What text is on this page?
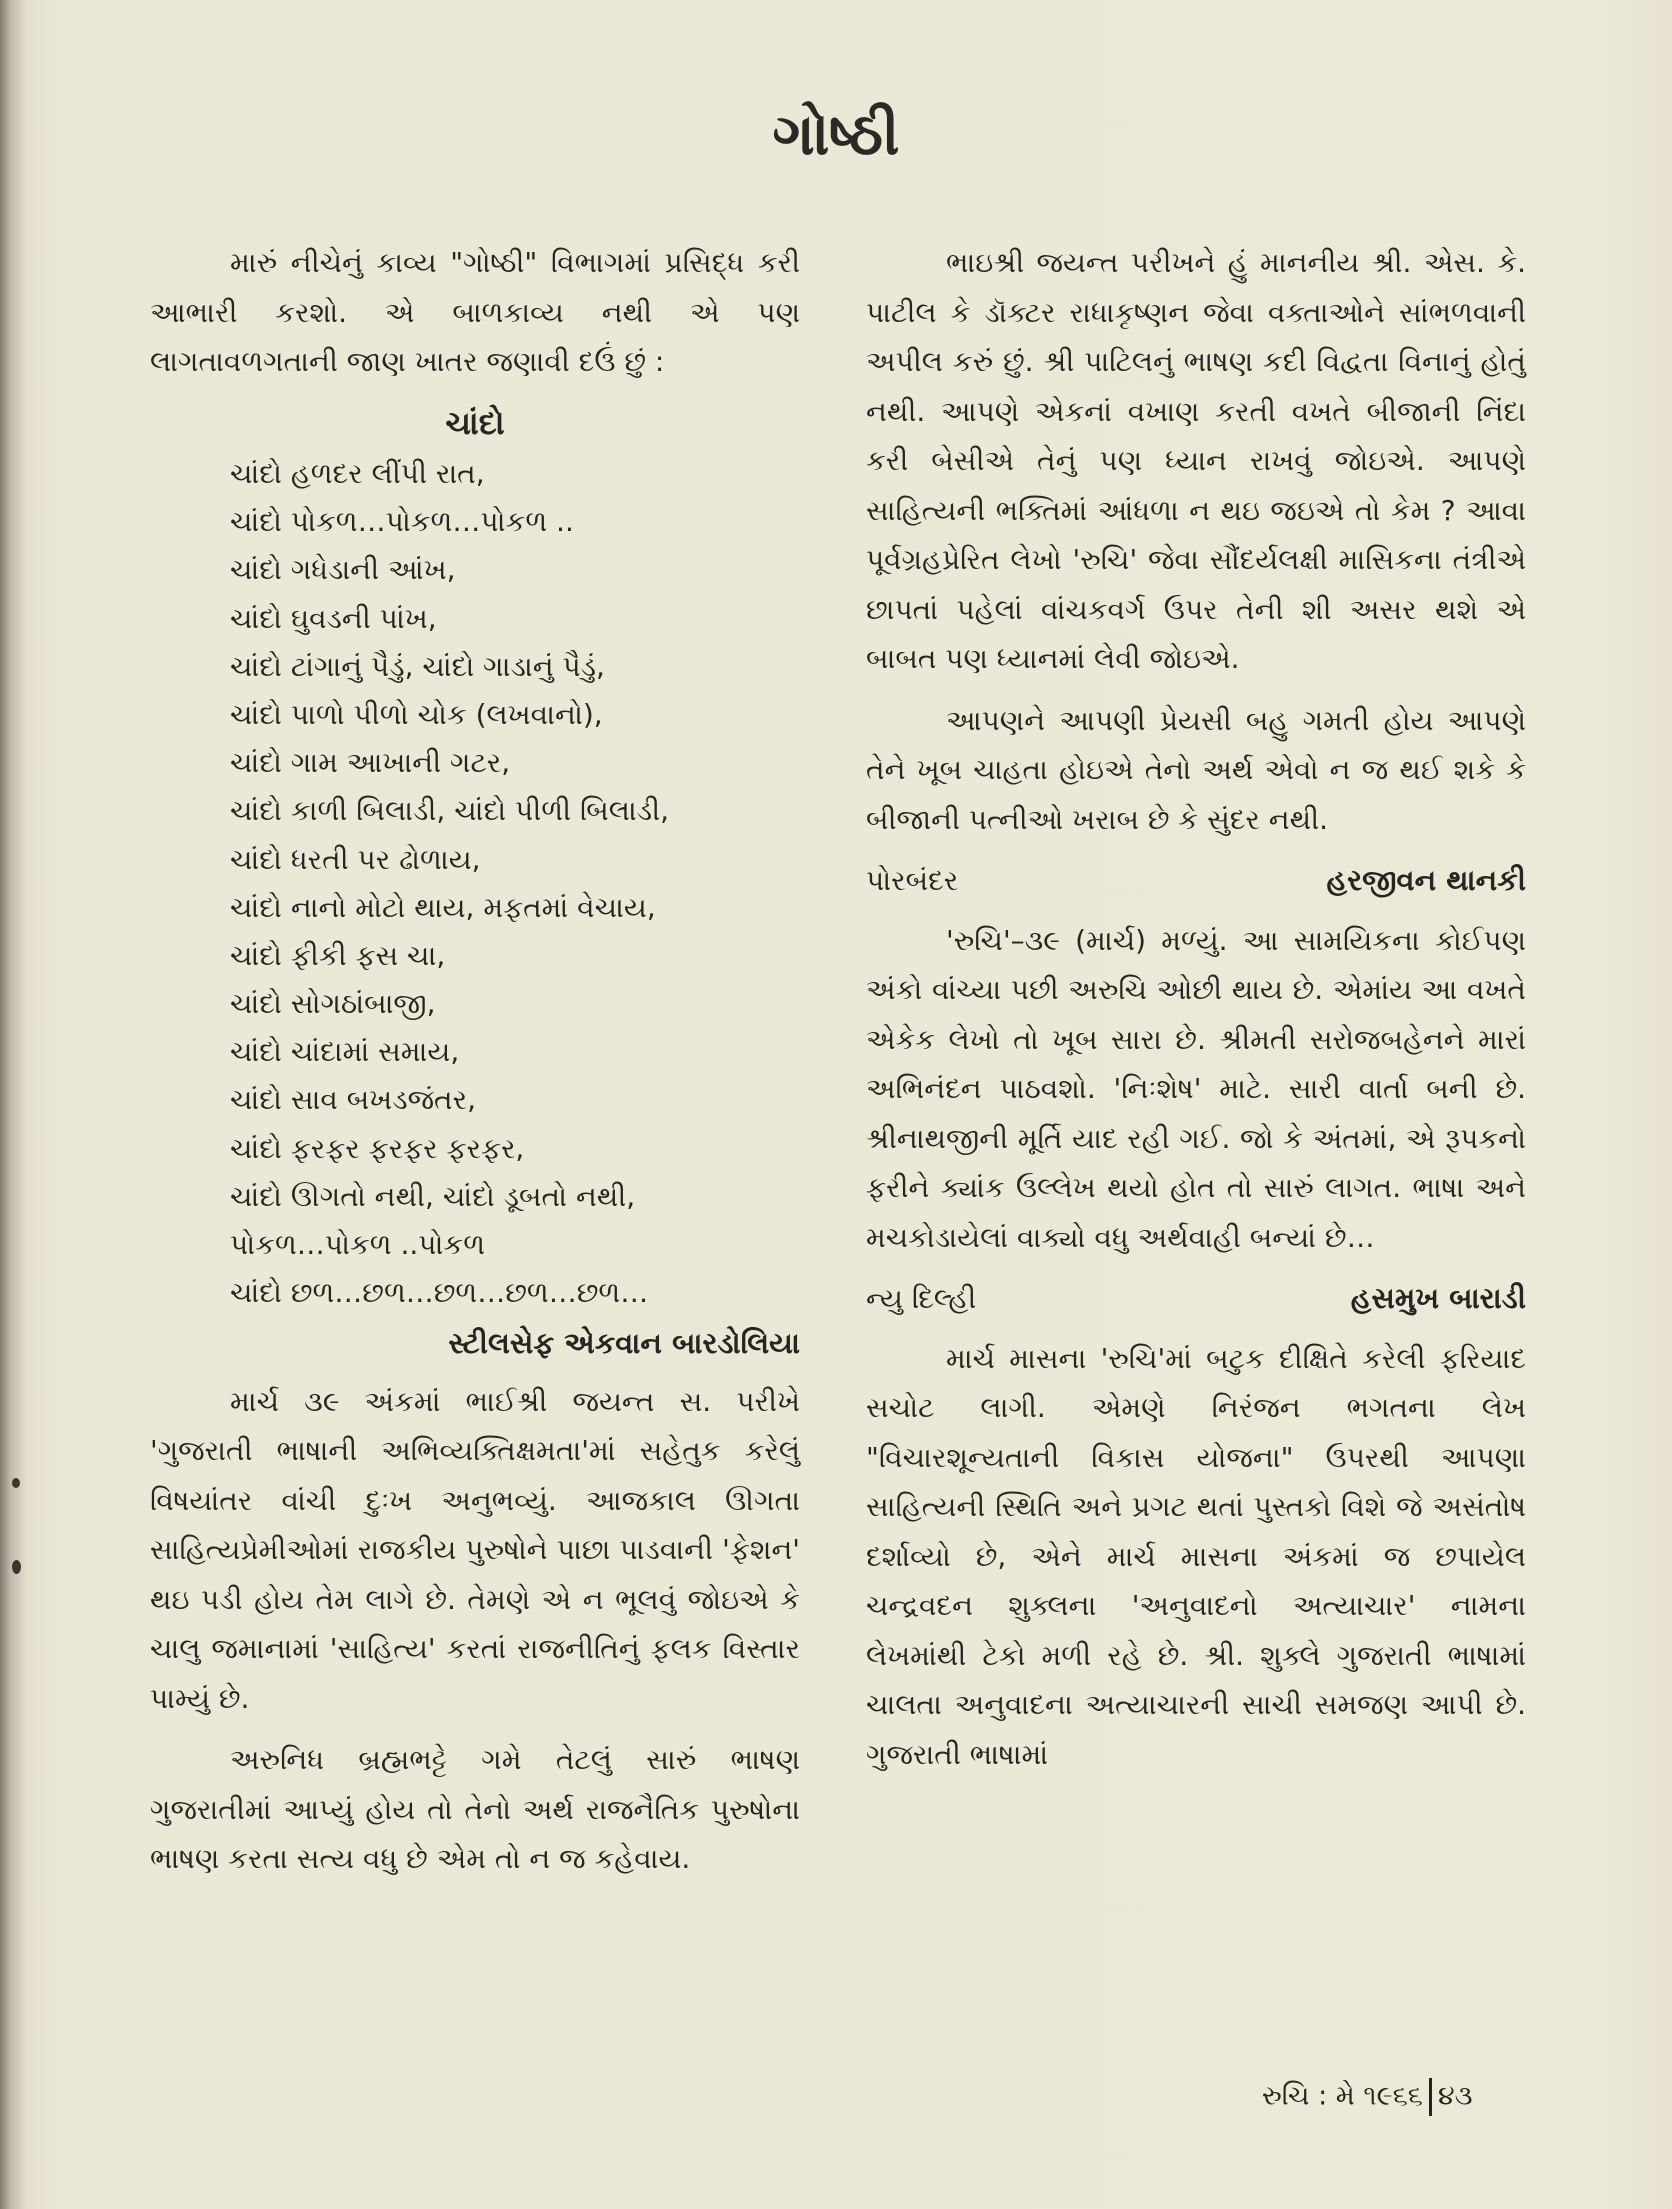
ગોષ્ઠી

મારું નીચેનું કાવ્ય "ગોષ્ઠી" વિભાગમાં પ્રસિદ્ધ કરી આભારી કરશો. એ બાળકાવ્ય નથી એ પણ લાગતાવળગતાની જાણ ખાતર જણાવી દઉં છું :

ચાંદો
ચાંદો હળદર લીંપી રાત,
ચાંદો પોકળ…પોકળ…પોકળ ..
ચાંદો ગધેડાની આંખ,
ચાંદો ઘુવડની પાંખ,
ચાંદો ટાંગાનું પૈડું, ચાંદો ગાડાનું પૈડું,
ચાંદો પાળો પીળો ચોક (લખવાનો),
ચાંદો ગામ આખાની ગટર,
ચાંદો કાળી બિલાડી, ચાંદો પીળી બિલાડી,
ચાંદો ધરતી પર ઢોળાય,
ચાંદો નાનો મોટો થાય, મફતમાં વેચાય,
ચાંદો ફીકી ફસ ચા,
ચાંદો સોગઠાંબાજી,
ચાંદો ચાંદામાં સમાય,
ચાંદો સાવ બખડજંતર,
ચાંદો ફરફર ફરફર ફરફર,
ચાંદો ઊગતો નથી, ચાંદો ડૂબતો નથી,
પોકળ…પોકળ ..પોકળ
ચાંદો છળ…છળ…છળ…છળ…છળ…
સ્ટીલસેફ એકવાન બારડોલિયા

માર્ચ ૩૯ અંકમાં ભાઈશ્રી જયન્ત સ. પરીખે 'ગુજરાતી ભાષાની અભિવ્યક્તિક્ષમતા'માં સહેતુક કરેલું વિષયાંતર વાંચી દુઃખ અનુભવ્યું. આજકાલ ઊગતા સાહિત્યપ્રેમીઓમાં રાજકીય પુરુષોને પાછા પાડવાની 'ફેશન' થઇ પડી હોય તેમ લાગે છે. તેમણે એ ન ભૂલવું જોઇએ કે ચાલુ જમાનામાં 'સાહિત્ય' કરતાં રાજનીતિનું ફલક વિસ્તાર પામ્યું છે.

અરુનિધ બ્રહ્મભટ્ટે ગમે તેટલું સારું ભાષણ ગુજરાતીમાં આપ્યું હોય તો તેનો અર્થ રાજનૈતિક પુરુષોના ભાષણ કરતા સત્ય વધુ છે એમ તો ન જ કહેવાય.

ભાઇશ્રી જયન્ત પરીખને હું માનનીય શ્રી. એસ. કે. પાટીલ કે ડૉક્ટર રાધાકૃષ્ણન જેવા વક્તાઓને સાંભળવાની અપીલ કરું છું. શ્રી પાટિલનું ભાષણ કદી વિદ્વતા વિનાનું હોતું નથી. આપણે એકનાં વખાણ કરતી વખતે બીજાની નિંદા કરી બેસીએ તેનું પણ ધ્યાન રાખવું જોઇએ. આપણે સાહિત્યની ભક્તિમાં આંધળા ન થઇ જઇએ તો કેમ ? આવા પૂર્વગ્રહપ્રેરિત લેખો 'રુચિ' જેવા સૌંદર્યલક્ષી માસિકના તંત્રીએ છાપતાં પહેલાં વાંચકવર્ગ ઉપર તેની શી અસર થશે એ બાબત પણ ધ્યાનમાં લેવી જોઇએ.

આપણને આપણી પ્રેયસી બહુ ગમતી હોય આપણે તેને ખૂબ ચાહતા હોઇએ તેનો અર્થ એવો ન જ થઈ શકે કે બીજાની પત્નીઓ ખરાબ છે કે સુંદર નથી.

પોરબંદર	હરજીવન થાનકી

'રુચિ'–૩૯ (માર્ચ) મળ્યું. આ સામયિકના કોઈપણ અંકો વાંચ્યા પછી અરુચિ ઓછી થાય છે. એમાંય આ વખતે એકેક લેખો તો ખૂબ સારા છે. શ્રીમતી સરોજબહેનને મારાં અભિનંદન પાઠવશો. 'નિઃશેષ' માટે. સારી વાર્તા બની છે. શ્રીનાથજીની મૂર્તિ યાદ રહી ગઈ. જો કે અંતમાં, એ રૂપકનો ફરીને ક્યાંક ઉલ્લેખ થયો હોત તો સારું લાગત. ભાષા અને મચકોડાયેલાં વાક્યો વધુ અર્થવાહી બન્યાં છે…

ન્યુ દિલ્હી	હસમુખ બારાડી

માર્ચ માસના 'રુચિ'માં બટુક દીક્ષિતે કરેલી ફરિયાદ સચોટ લાગી. એમણે નિરંજન ભગતના લેખ "વિચારશૂન્યતાની વિકાસ યોજના" ઉપરથી આપણા સાહિત્યની સ્થિતિ અને પ્રગટ થતાં પુસ્તકો વિશે જે અસંતોષ દર્શાવ્યો છે, એને માર્ચ માસના અંકમાં જ છપાયેલ ચન્દ્રવદન શુક્લના 'અનુવાદનો અત્યાચાર' નામના લેખમાંથી ટેકો મળી રહે છે. શ્રી. શુક્લે ગુજરાતી ભાષામાં ચાલતા અનુવાદના અત્યાચારની સાચી સમજણ આપી છે. ગુજરાતી ભાષામાં

રુચિ : મે ૧૯૬૬ ૪૩
